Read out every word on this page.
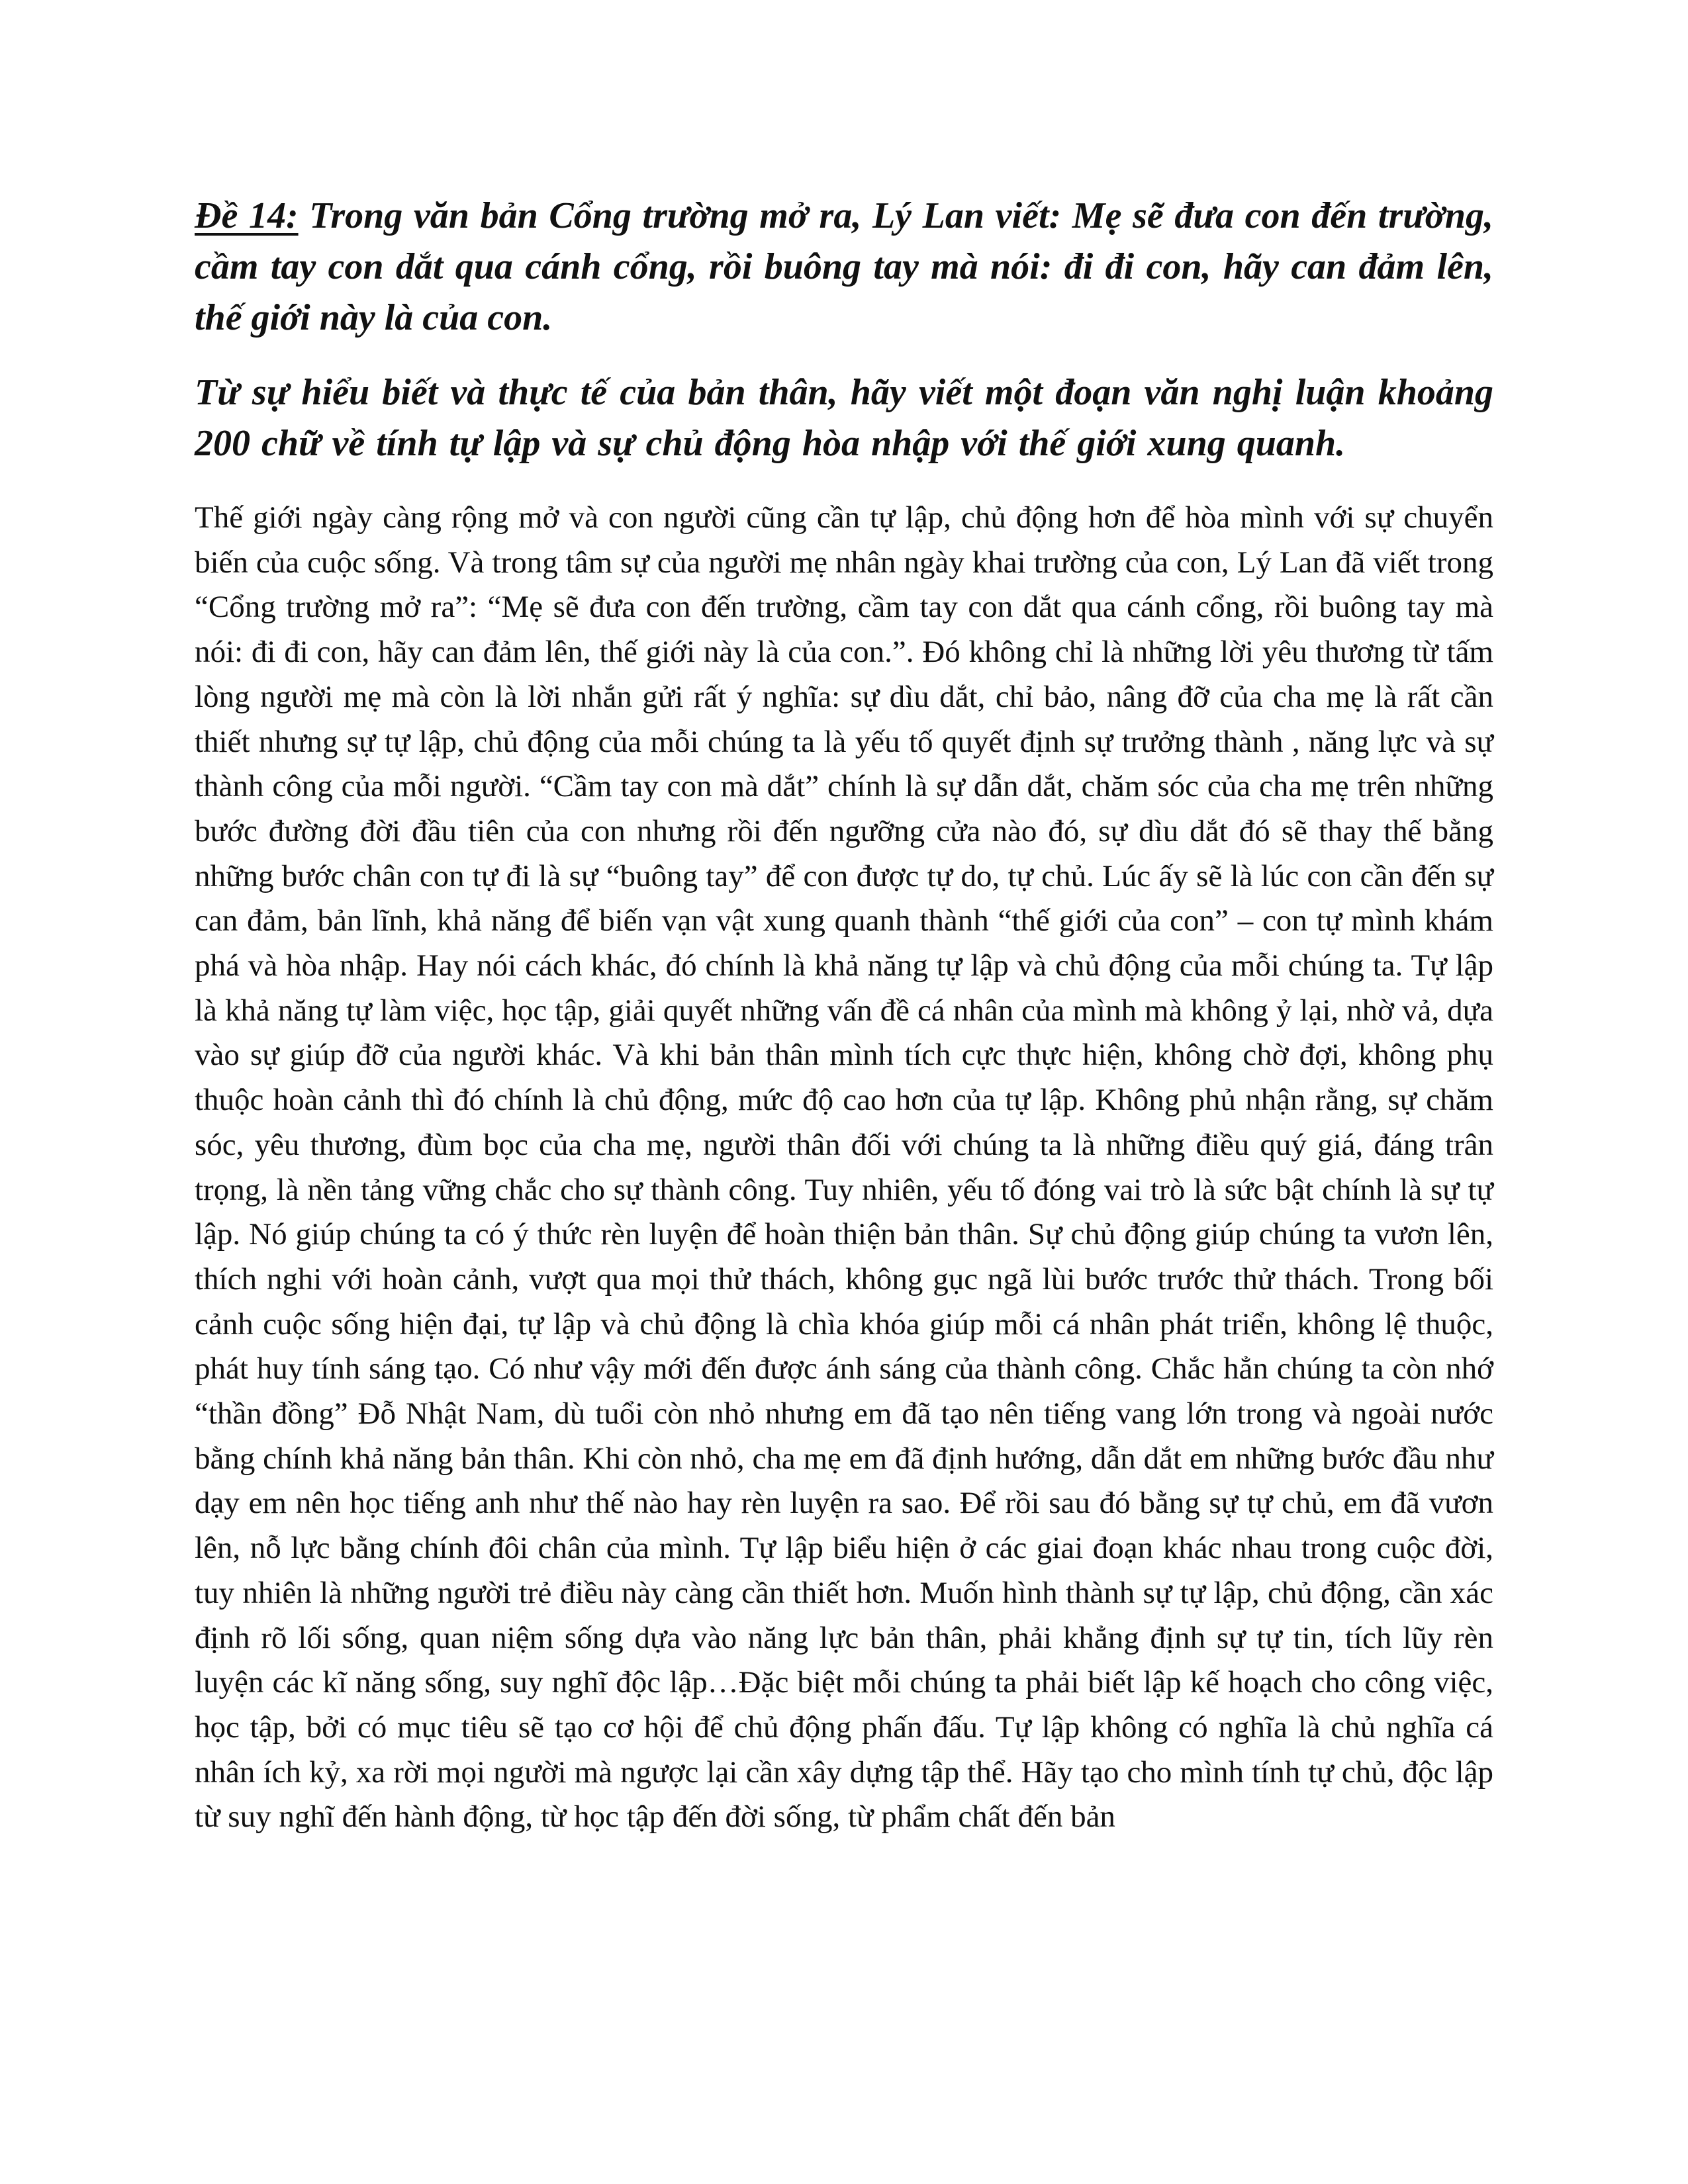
Đề 14: Trong văn bản Cổng trường mở ra, Lý Lan viết: Mẹ sẽ đưa con đến trường, cầm tay con dắt qua cánh cổng, rồi buông tay mà nói: đi đi con, hãy can đảm lên, thế giới này là của con.

Từ sự hiểu biết và thực tế của bản thân, hãy viết một đoạn văn nghị luận khoảng 200 chữ về tính tự lập và sự chủ động hòa nhập với thế giới xung quanh.

Thế giới ngày càng rộng mở và con người cũng cần tự lập, chủ động hơn để hòa mình với sự chuyển biến của cuộc sống. Và trong tâm sự của người mẹ nhân ngày khai trường của con, Lý Lan đã viết trong “Cổng trường mở ra”: “Mẹ sẽ đưa con đến trường, cầm tay con dắt qua cánh cổng, rồi buông tay mà nói: đi đi con, hãy can đảm lên, thế giới này là của con.”. Đó không chỉ là những lời yêu thương từ tấm lòng người mẹ mà còn là lời nhắn gửi rất ý nghĩa: sự dìu dắt, chỉ bảo, nâng đỡ của cha mẹ là rất cần thiết nhưng sự tự lập, chủ động của mỗi chúng ta là yếu tố quyết định sự trưởng thành , năng lực và sự thành công của mỗi người. “Cầm tay con mà dắt” chính là sự dẫn dắt, chăm sóc của cha mẹ trên những bước đường đời đầu tiên của con nhưng rồi đến ngưỡng cửa nào đó, sự dìu dắt đó sẽ thay thế bằng những bước chân con tự đi là sự “buông tay” để con được tự do, tự chủ. Lúc ấy sẽ là lúc con cần đến sự can đảm, bản lĩnh, khả năng để biến vạn vật xung quanh thành “thế giới của con” – con tự mình khám phá và hòa nhập. Hay nói cách khác, đó chính là khả năng tự lập và chủ động của mỗi chúng ta. Tự lập là khả năng tự làm việc, học tập, giải quyết những vấn đề cá nhân của mình mà không ỷ lại, nhờ vả, dựa vào sự giúp đỡ của người khác. Và khi bản thân mình tích cực thực hiện, không chờ đợi, không phụ thuộc hoàn cảnh thì đó chính là chủ động, mức độ cao hơn của tự lập. Không phủ nhận rằng, sự chăm sóc, yêu thương, đùm bọc của cha mẹ, người thân đối với chúng ta là những điều quý giá, đáng trân trọng, là nền tảng vững chắc cho sự thành công. Tuy nhiên, yếu tố đóng vai trò là sức bật chính là sự tự lập. Nó giúp chúng ta có ý thức rèn luyện để hoàn thiện bản thân. Sự chủ động giúp chúng ta vươn lên, thích nghi với hoàn cảnh, vượt qua mọi thử thách, không gục ngã lùi bước trước thử thách. Trong bối cảnh cuộc sống hiện đại, tự lập và chủ động là chìa khóa giúp mỗi cá nhân phát triển, không lệ thuộc, phát huy tính sáng tạo. Có như vậy mới đến được ánh sáng của thành công. Chắc hẳn chúng ta còn nhớ “thần đồng” Đỗ Nhật Nam, dù tuổi còn nhỏ nhưng em đã tạo nên tiếng vang lớn trong và ngoài nước bằng chính khả năng bản thân. Khi còn nhỏ, cha mẹ em đã định hướng, dẫn dắt em những bước đầu như dạy em nên học tiếng anh như thế nào hay rèn luyện ra sao. Để rồi sau đó bằng sự tự chủ, em đã vươn lên, nỗ lực bằng chính đôi chân của mình. Tự lập biểu hiện ở các giai đoạn khác nhau trong cuộc đời, tuy nhiên là những người trẻ điều này càng cần thiết hơn. Muốn hình thành sự tự lập, chủ động, cần xác định rõ lối sống, quan niệm sống dựa vào năng lực bản thân, phải khẳng định sự tự tin, tích lũy rèn luyện các kĩ năng sống, suy nghĩ độc lập…Đặc biệt mỗi chúng ta phải biết lập kế hoạch cho công việc, học tập, bởi có mục tiêu sẽ tạo cơ hội để chủ động phấn đấu. Tự lập không có nghĩa là chủ nghĩa cá nhân ích kỷ, xa rời mọi người mà ngược lại cần xây dựng tập thể. Hãy tạo cho mình tính tự chủ, độc lập từ suy nghĩ đến hành động, từ học tập đến đời sống, từ phẩm chất đến bản
